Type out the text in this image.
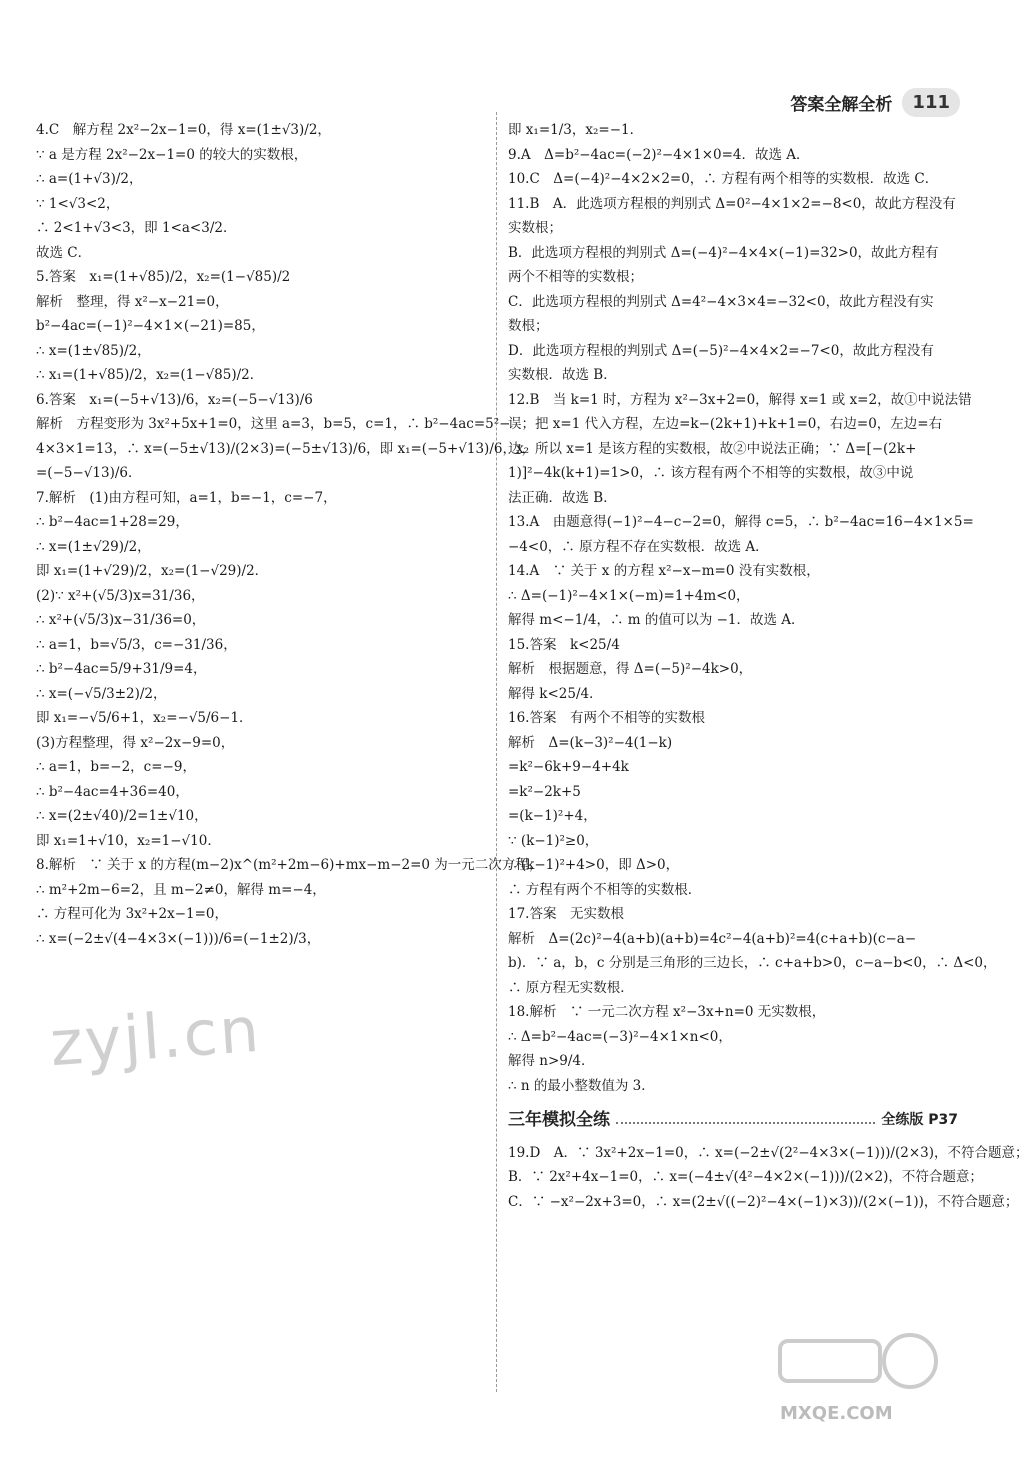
答案全解全析	111
4.C　解方程 2x²−2x−1=0，得 x=(1±√3)/2，
∵ a 是方程 2x²−2x−1=0 的较大的实数根，
∴ a=(1+√3)/2，
∵ 1<√3<2，
∴ 2<1+√3<3，即 1<a<3/2．
故选 C．
5.答案　x₁=(1+√85)/2，x₂=(1−√85)/2
解析　整理，得 x²−x−21=0，
b²−4ac=(−1)²−4×1×(−21)=85，
∴ x=(1±√85)/2，
∴ x₁=(1+√85)/2，x₂=(1−√85)/2．
6.答案　x₁=(−5+√13)/6，x₂=(−5−√13)/6
解析　方程变形为 3x²+5x+1=0，这里 a=3，b=5，c=1，∴ b²−4ac=5²−
4×3×1=13，∴ x=(−5±√13)/(2×3)=(−5±√13)/6，即 x₁=(−5+√13)/6，x₂
=(−5−√13)/6．
7.解析　(1)由方程可知，a=1，b=−1，c=−7，
∴ b²−4ac=1+28=29，
∴ x=(1±√29)/2，
即 x₁=(1+√29)/2，x₂=(1−√29)/2．
(2)∵ x²+(√5/3)x=31/36，
∴ x²+(√5/3)x−31/36=0，
∴ a=1，b=√5/3，c=−31/36，
∴ b²−4ac=5/9+31/9=4，
∴ x=(−√5/3±2)/2，
即 x₁=−√5/6+1，x₂=−√5/6−1．
(3)方程整理，得 x²−2x−9=0，
∴ a=1，b=−2，c=−9，
∴ b²−4ac=4+36=40，
∴ x=(2±√40)/2=1±√10，
即 x₁=1+√10，x₂=1−√10．
8.解析　∵ 关于 x 的方程(m−2)x^(m²+2m−6)+mx−m−2=0 为一元二次方程，
∴ m²+2m−6=2，且 m−2≠0，解得 m=−4，
∴ 方程可化为 3x²+2x−1=0，
∴ x=(−2±√(4−4×3×(−1)))/6=(−1±2)/3，
即 x₁=1/3，x₂=−1．
9.A　Δ=b²−4ac=(−2)²−4×1×0=4．故选 A．
10.C　Δ=(−4)²−4×2×2=0，∴ 方程有两个相等的实数根．故选 C．
11.B　A．此选项方程根的判别式 Δ=0²−4×1×2=−8<0，故此方程没有
实数根；
B．此选项方程根的判别式 Δ=(−4)²−4×4×(−1)=32>0，故此方程有
两个不相等的实数根；
C．此选项方程根的判别式 Δ=4²−4×3×4=−32<0，故此方程没有实
数根；
D．此选项方程根的判别式 Δ=(−5)²−4×4×2=−7<0，故此方程没有
实数根．故选 B．
12.B　当 k=1 时，方程为 x²−3x+2=0，解得 x=1 或 x=2，故①中说法错
误；把 x=1 代入方程，左边=k−(2k+1)+k+1=0，右边=0，左边=右
边，所以 x=1 是该方程的实数根，故②中说法正确；∵ Δ=[−(2k+
1)]²−4k(k+1)=1>0，∴ 该方程有两个不相等的实数根，故③中说
法正确．故选 B．
13.A　由题意得(−1)²−4−c−2=0，解得 c=5，∴ b²−4ac=16−4×1×5=
−4<0，∴ 原方程不存在实数根．故选 A．
14.A　∵ 关于 x 的方程 x²−x−m=0 没有实数根，
∴ Δ=(−1)²−4×1×(−m)=1+4m<0，
解得 m<−1/4，∴ m 的值可以为 −1．故选 A．
15.答案　k<25/4
解析　根据题意，得 Δ=(−5)²−4k>0，
解得 k<25/4．
16.答案　有两个不相等的实数根
解析　Δ=(k−3)²−4(1−k)
=k²−6k+9−4+4k
=k²−2k+5
=(k−1)²+4，
∵ (k−1)²≥0，
∴ (k−1)²+4>0，即 Δ>0，
∴ 方程有两个不相等的实数根．
17.答案　无实数根
解析　Δ=(2c)²−4(a+b)(a+b)=4c²−4(a+b)²=4(c+a+b)(c−a−
b)．∵ a，b，c 分别是三角形的三边长，∴ c+a+b>0，c−a−b<0，∴ Δ<0，
∴ 原方程无实数根．
18.解析　∵ 一元二次方程 x²−3x+n=0 无实数根，
∴ Δ=b²−4ac=(−3)²−4×1×n<0，
解得 n>9/4．
∴ n 的最小整数值为 3．
三年模拟全练	全练版 P37
19.D　A．∵ 3x²+2x−1=0，∴ x=(−2±√(2²−4×3×(−1)))/(2×3)，不符合题意；
B．∵ 2x²+4x−1=0，∴ x=(−4±√(4²−4×2×(−1)))/(2×2)，不符合题意；
C．∵ −x²−2x+3=0，∴ x=(2±√((−2)²−4×(−1)×3))/(2×(−1))，不符合题意；
zyjl.cn
MXQE.COM
